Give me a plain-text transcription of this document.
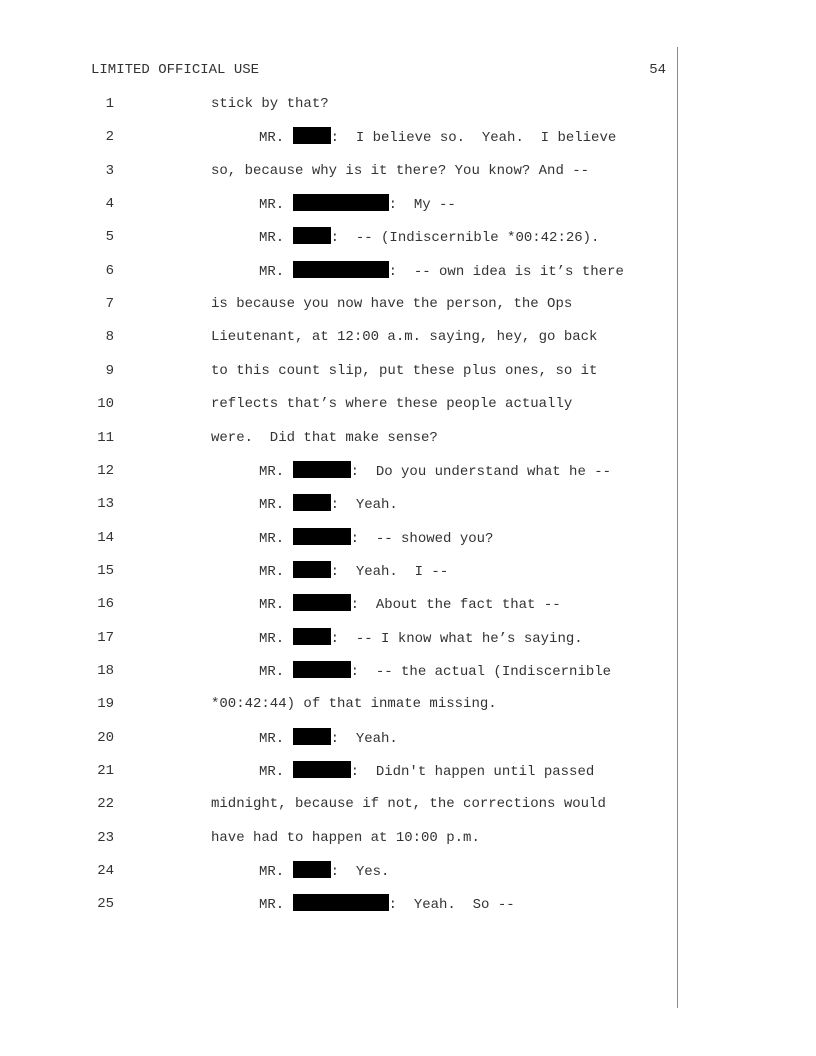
LIMITED OFFICIAL USE	54
1	stick by that?
2	MR.	:  I believe so.  Yeah.  I believe
3	so, because why is it there? You know? And --
4	MR.	:  My --
5	MR.	:  -- (Indiscernible *00:42:26).
6	MR.	:  -- own idea is it’s there
7	is because you now have the person, the Ops
8	Lieutenant, at 12:00 a.m. saying, hey, go back
9	to this count slip, put these plus ones, so it
10	reflects that’s where these people actually
11	were.  Did that make sense?
12	MR.	:  Do you understand what he --
13	MR.	:  Yeah.
14	MR.	:  -- showed you?
15	MR.	:  Yeah.  I --
16	MR.	:  About the fact that --
17	MR.	:  -- I know what he’s saying.
18	MR.	:  -- the actual (Indiscernible
19	*00:42:44) of that inmate missing.
20	MR.	:  Yeah.
21	MR.	:  Didn't happen until passed
22	midnight, because if not, the corrections would
23	have had to happen at 10:00 p.m.
24	MR.	:  Yes.
25	MR.	:  Yeah.  So --
